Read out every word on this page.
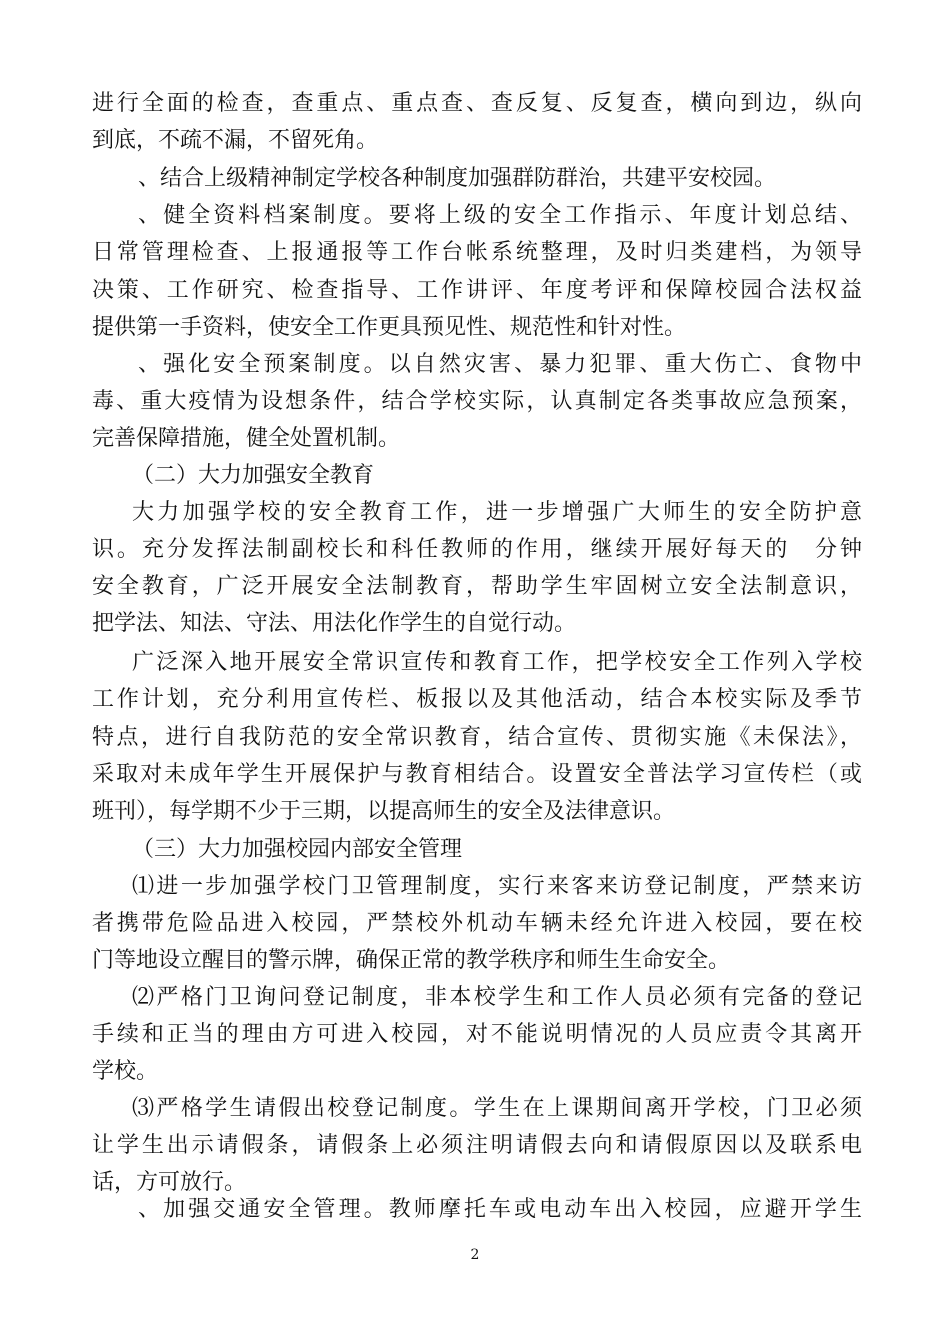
进行全面的检查，查重点、重点查、查反复、反复查，横向到边，纵向
到底，不疏不漏，不留死角。
、结合上级精神制定学校各种制度加强群防群治，共建平安校园。
、健全资料档案制度。要将上级的安全工作指示、年度计划总结、
日常管理检查、上报通报等工作台帐系统整理，及时归类建档，为领导
决策、工作研究、检查指导、工作讲评、年度考评和保障校园合法权益
提供第一手资料，使安全工作更具预见性、规范性和针对性。
、强化安全预案制度。以自然灾害、暴力犯罪、重大伤亡、食物中
毒、重大疫情为设想条件，结合学校实际，认真制定各类事故应急预案，
完善保障措施，健全处置机制。
（二）大力加强安全教育
大力加强学校的安全教育工作，进一步增强广大师生的安全防护意
识。充分发挥法制副校长和科任教师的作用，继续开展好每天的　分钟
安全教育，广泛开展安全法制教育，帮助学生牢固树立安全法制意识，
把学法、知法、守法、用法化作学生的自觉行动。
广泛深入地开展安全常识宣传和教育工作，把学校安全工作列入学校
工作计划，充分利用宣传栏、板报以及其他活动，结合本校实际及季节
特点，进行自我防范的安全常识教育，结合宣传、贯彻实施《未保法》，
采取对未成年学生开展保护与教育相结合。设置安全普法学习宣传栏（或
班刊），每学期不少于三期，以提高师生的安全及法律意识。
（三）大力加强校园内部安全管理
⑴进一步加强学校门卫管理制度，实行来客来访登记制度，严禁来访
者携带危险品进入校园，严禁校外机动车辆未经允许进入校园，要在校
门等地设立醒目的警示牌，确保正常的教学秩序和师生生命安全。
⑵严格门卫询问登记制度，非本校学生和工作人员必须有完备的登记
手续和正当的理由方可进入校园，对不能说明情况的人员应责令其离开
学校。
⑶严格学生请假出校登记制度。学生在上课期间离开学校，门卫必须
让学生出示请假条，请假条上必须注明请假去向和请假原因以及联系电
话，方可放行。
、加强交通安全管理。教师摩托车或电动车出入校园，应避开学生
2
